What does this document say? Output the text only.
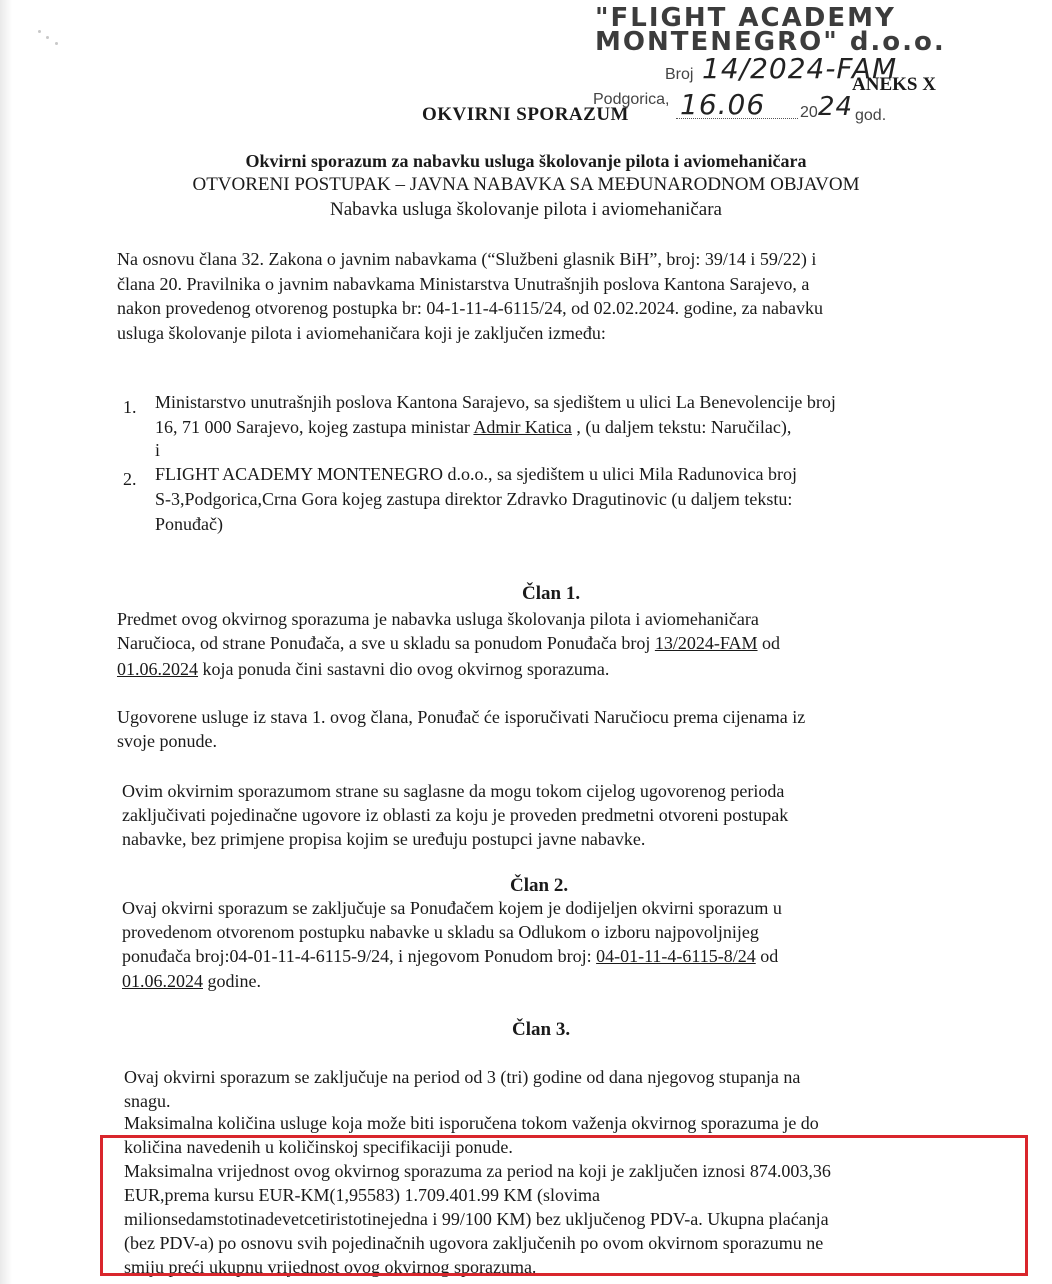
"FLIGHT ACADEMY
MONTENEGRO" d.o.o.
Broj 14/2024-FAM
ANEKS X
Podgorica, 16.06 20 24 god.
OKVIRNI SPORAZUM
Okvirni sporazum za nabavku usluga školovanje pilota i aviomehaničara
OTVORENI POSTUPAK – JAVNA NABAVKA SA MEĐUNARODNOM OBJAVOM
Nabavka usluga školovanje pilota i aviomehaničara
Na osnovu člana 32. Zakona o javnim nabavkama (“Službeni glasnik BiH”, broj: 39/14 i 59/22) i
člana 20. Pravilnika o javnim nabavkama Ministarstva Unutrašnjih poslova Kantona Sarajevo, a
nakon provedenog otvorenog postupka br: 04-1-11-4-6115/24, od 02.02.2024. godine, za nabavku
usluga školovanje pilota i aviomehaničara koji je zaključen između:
1. Ministarstvo unutrašnjih poslova Kantona Sarajevo, sa sjedištem u ulici La Benevolencije broj
16, 71 000 Sarajevo, kojeg zastupa ministar Admir Katica , (u daljem tekstu: Naručilac),
i
2. FLIGHT ACADEMY MONTENEGRO d.o.o., sa sjedištem u ulici Mila Radunovica broj
S-3,Podgorica,Crna Gora kojeg zastupa direktor Zdravko Dragutinovic (u daljem tekstu:
Ponuđač)
Član 1.
Predmet ovog okvirnog sporazuma je nabavka usluga školovanja pilota i aviomehaničara
Naručioca, od strane Ponuđača, a sve u skladu sa ponudom Ponuđača broj 13/2024-FAM od
01.06.2024 koja ponuda čini sastavni dio ovog okvirnog sporazuma.
Ugovorene usluge iz stava 1. ovog člana, Ponuđač će isporučivati Naručiocu prema cijenama iz
svoje ponude.
Ovim okvirnim sporazumom strane su saglasne da mogu tokom cijelog ugovorenog perioda
zaključivati pojedinačne ugovore iz oblasti za koju je proveden predmetni otvoreni postupak
nabavke, bez primjene propisa kojim se uređuju postupci javne nabavke.
Član 2.
Ovaj okvirni sporazum se zaključuje sa Ponuđačem kojem je dodijeljen okvirni sporazum u
provedenom otvorenom postupku nabavke u skladu sa Odlukom o izboru najpovoljnijeg
ponuđača broj:04-01-11-4-6115-9/24, i njegovom Ponudom broj: 04-01-11-4-6115-8/24 od
01.06.2024 godine.
Član 3.
Ovaj okvirni sporazum se zaključuje na period od 3 (tri) godine od dana njegovog stupanja na
snagu.
Maksimalna količina usluge koja može biti isporučena tokom važenja okvirnog sporazuma je do
količina navedenih u količinskoj specifikaciji ponude.
Maksimalna vrijednost ovog okvirnog sporazuma za period na koji je zaključen iznosi 874.003,36
EUR,prema kursu EUR-KM(1,95583) 1.709.401.99 KM (slovima
milionsedamstotinadevetcetiristotinejedna i 99/100 KM) bez uključenog PDV-a. Ukupna plaćanja
(bez PDV-a) po osnovu svih pojedinačnih ugovora zaključenih po ovom okvirnom sporazumu ne
smiju preći ukupnu vrijednost ovog okvirnog sporazuma.
